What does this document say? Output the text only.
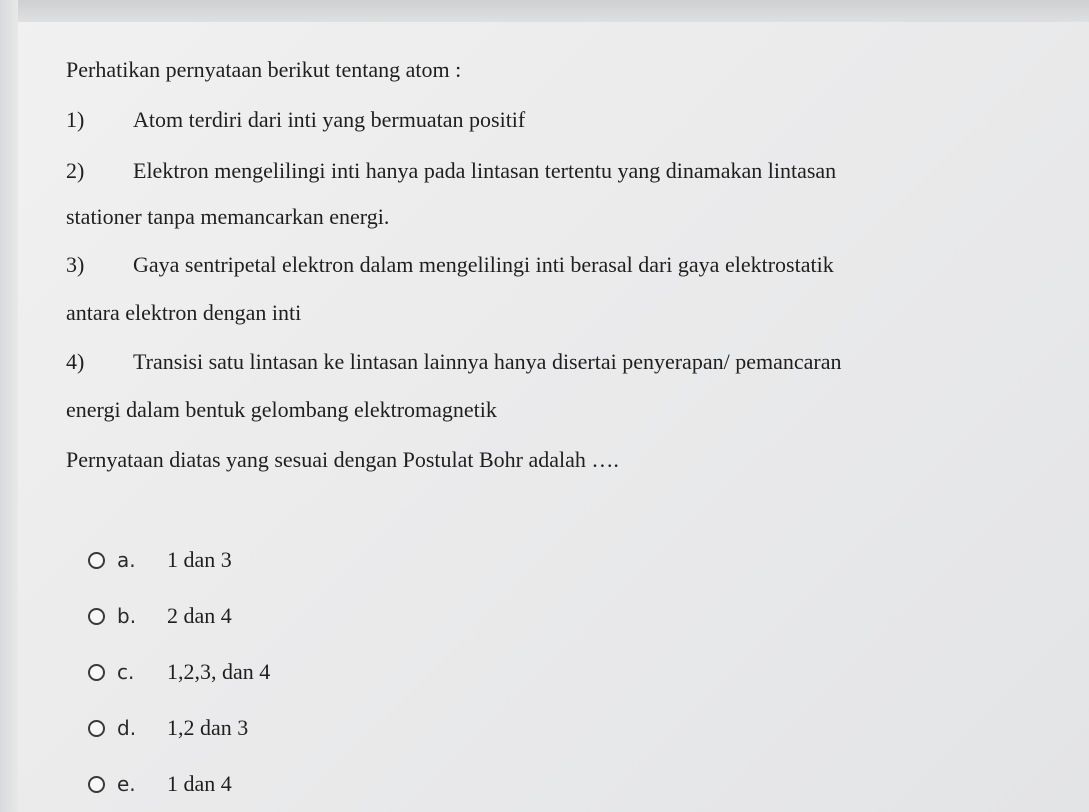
Perhatikan pernyataan berikut tentang atom :
1) Atom terdiri dari inti yang bermuatan positif
2) Elektron mengelilingi inti hanya pada lintasan tertentu yang dinamakan lintasan
stationer tanpa memancarkan energi.
3) Gaya sentripetal elektron dalam mengelilingi inti berasal dari gaya elektrostatik
antara elektron dengan inti
4) Transisi satu lintasan ke lintasan lainnya hanya disertai penyerapan/ pemancaran
energi dalam bentuk gelombang elektromagnetik
Pernyataan diatas yang sesuai dengan Postulat Bohr adalah ….
a.	1 dan 3
b.	2 dan 4
c.	1,2,3, dan 4
d.	1,2 dan 3
e.	1 dan 4
